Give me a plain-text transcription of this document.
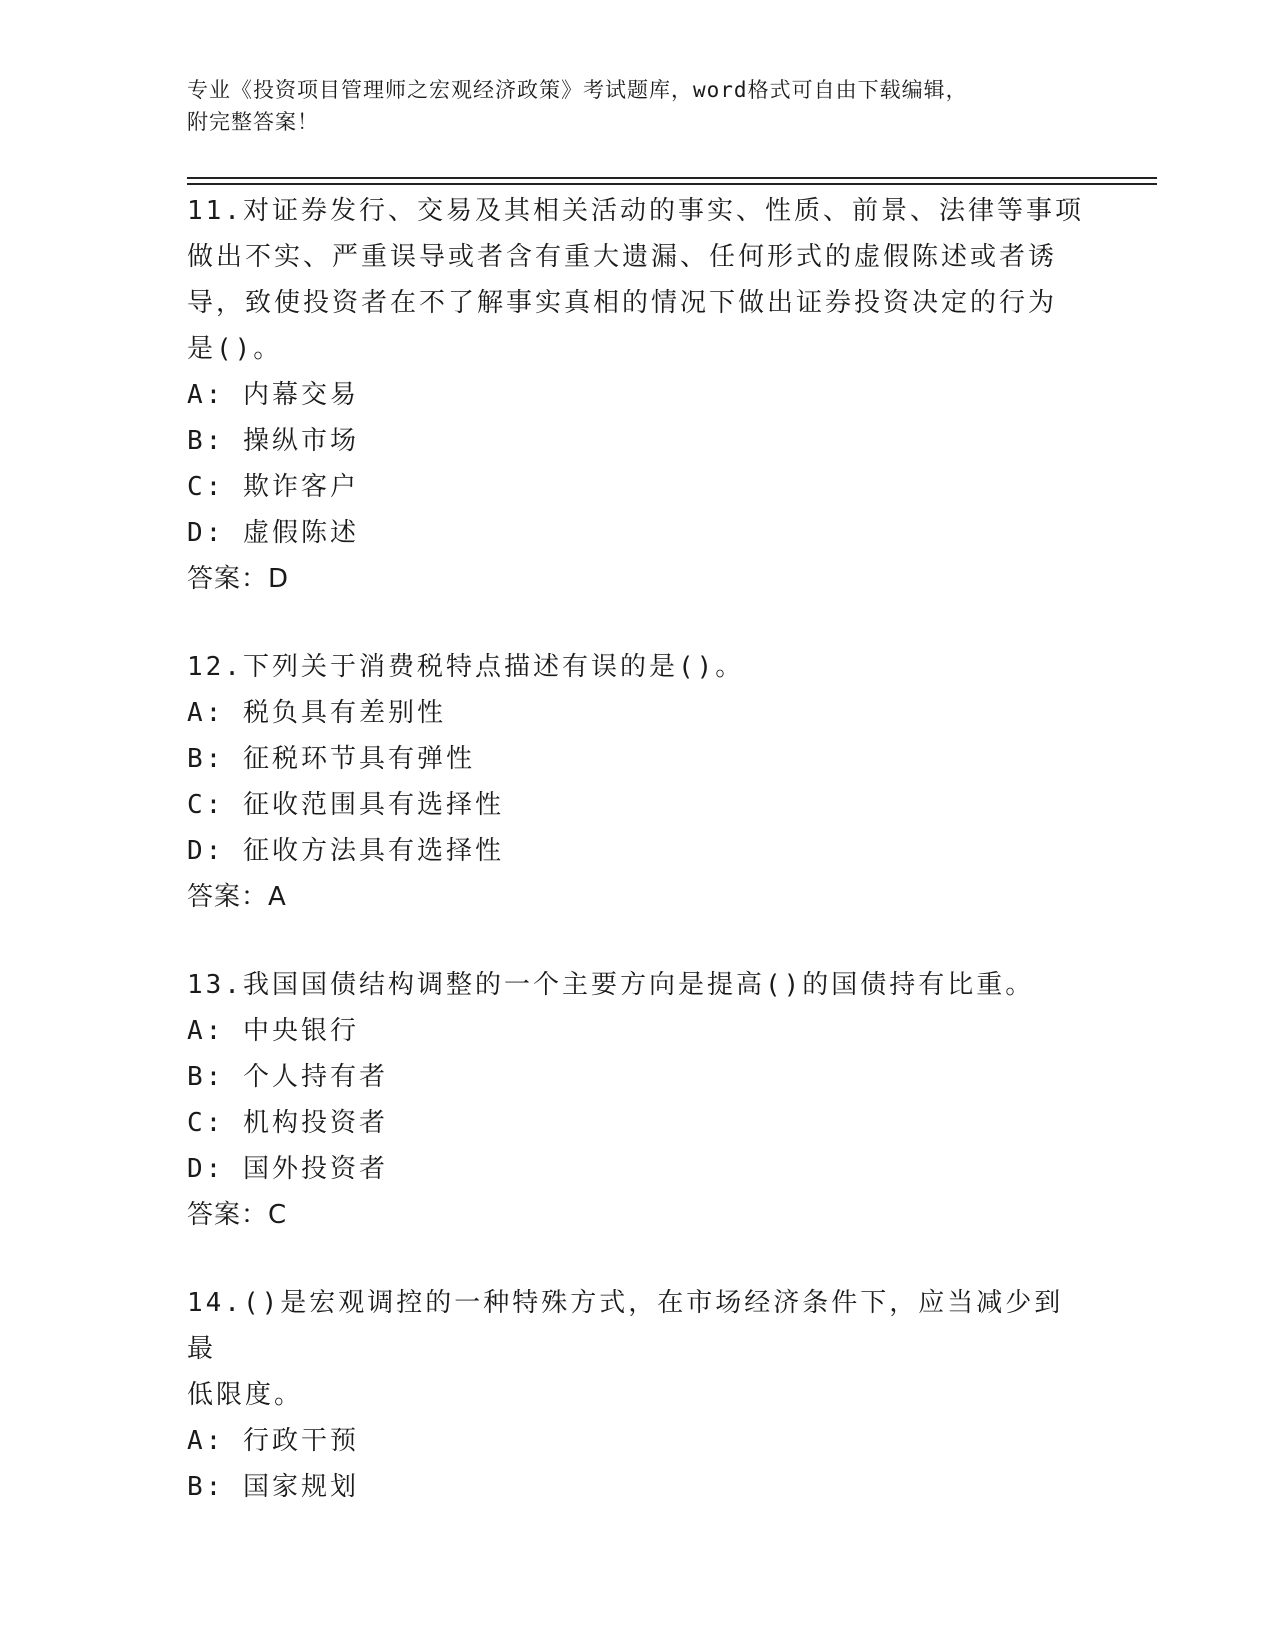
专业《投资项目管理师之宏观经济政策》考试题库，word格式可自由下载编辑，
附完整答案！
11.对证券发行、交易及其相关活动的事实、性质、前景、法律等事项
做出不实、严重误导或者含有重大遗漏、任何形式的虚假陈述或者诱
导，致使投资者在不了解事实真相的情况下做出证券投资决定的行为
是()。
A: 内幕交易
B: 操纵市场
C: 欺诈客户
D: 虚假陈述
答案：D
12.下列关于消费税特点描述有误的是()。
A: 税负具有差别性
B: 征税环节具有弹性
C: 征收范围具有选择性
D: 征收方法具有选择性
答案：A
13.我国国债结构调整的一个主要方向是提高()的国债持有比重。
A: 中央银行
B: 个人持有者
C: 机构投资者
D: 国外投资者
答案：C
14.()是宏观调控的一种特殊方式，在市场经济条件下，应当减少到最
低限度。
A: 行政干预
B: 国家规划
